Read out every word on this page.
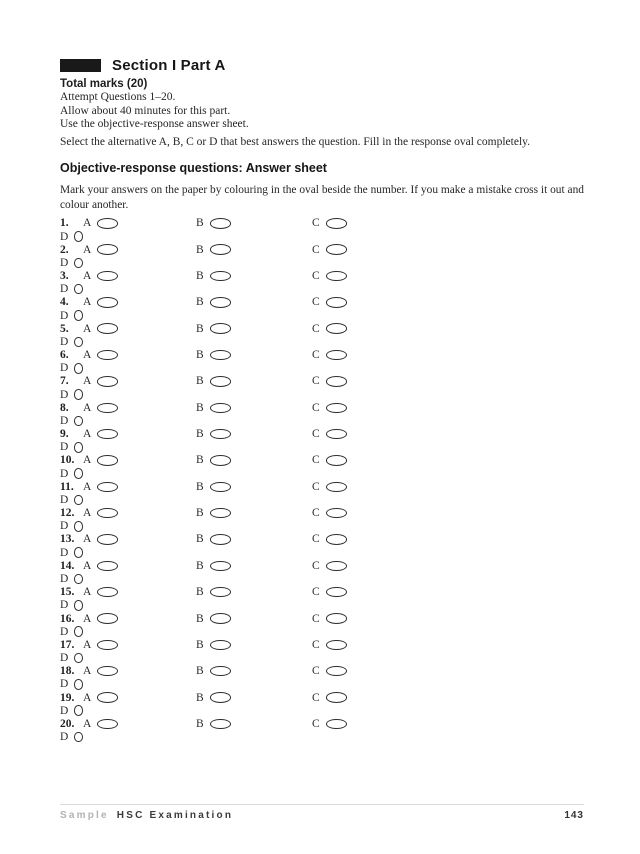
Section I Part A
Total marks (20)
Attempt Questions 1–20.
Allow about 40 minutes for this part.
Use the objective-response answer sheet.
Select the alternative A, B, C or D that best answers the question. Fill in the response oval completely.
Objective-response questions: Answer sheet
Mark your answers on the paper by colouring in the oval beside the number. If you make a mistake cross it out and colour another.
1.	A	B	C
D
2.	A	B	C
D
3.	A	B	C
D
4.	A	B	C
D
5.	A	B	C
D
6.	A	B	C
D
7.	A	B	C
D
8.	A	B	C
D
9.	A	B	C
D
10. A	B	C
D
11. A	B	C
D
12. A	B	C
D
13. A	B	C
D
14. A	B	C
D
15. A	B	C
D
16. A	B	C
D
17. A	B	C
D
18. A	B	C
D
19. A	B	C
D
20. A	B	C
D
Sample HSC Examination	143
